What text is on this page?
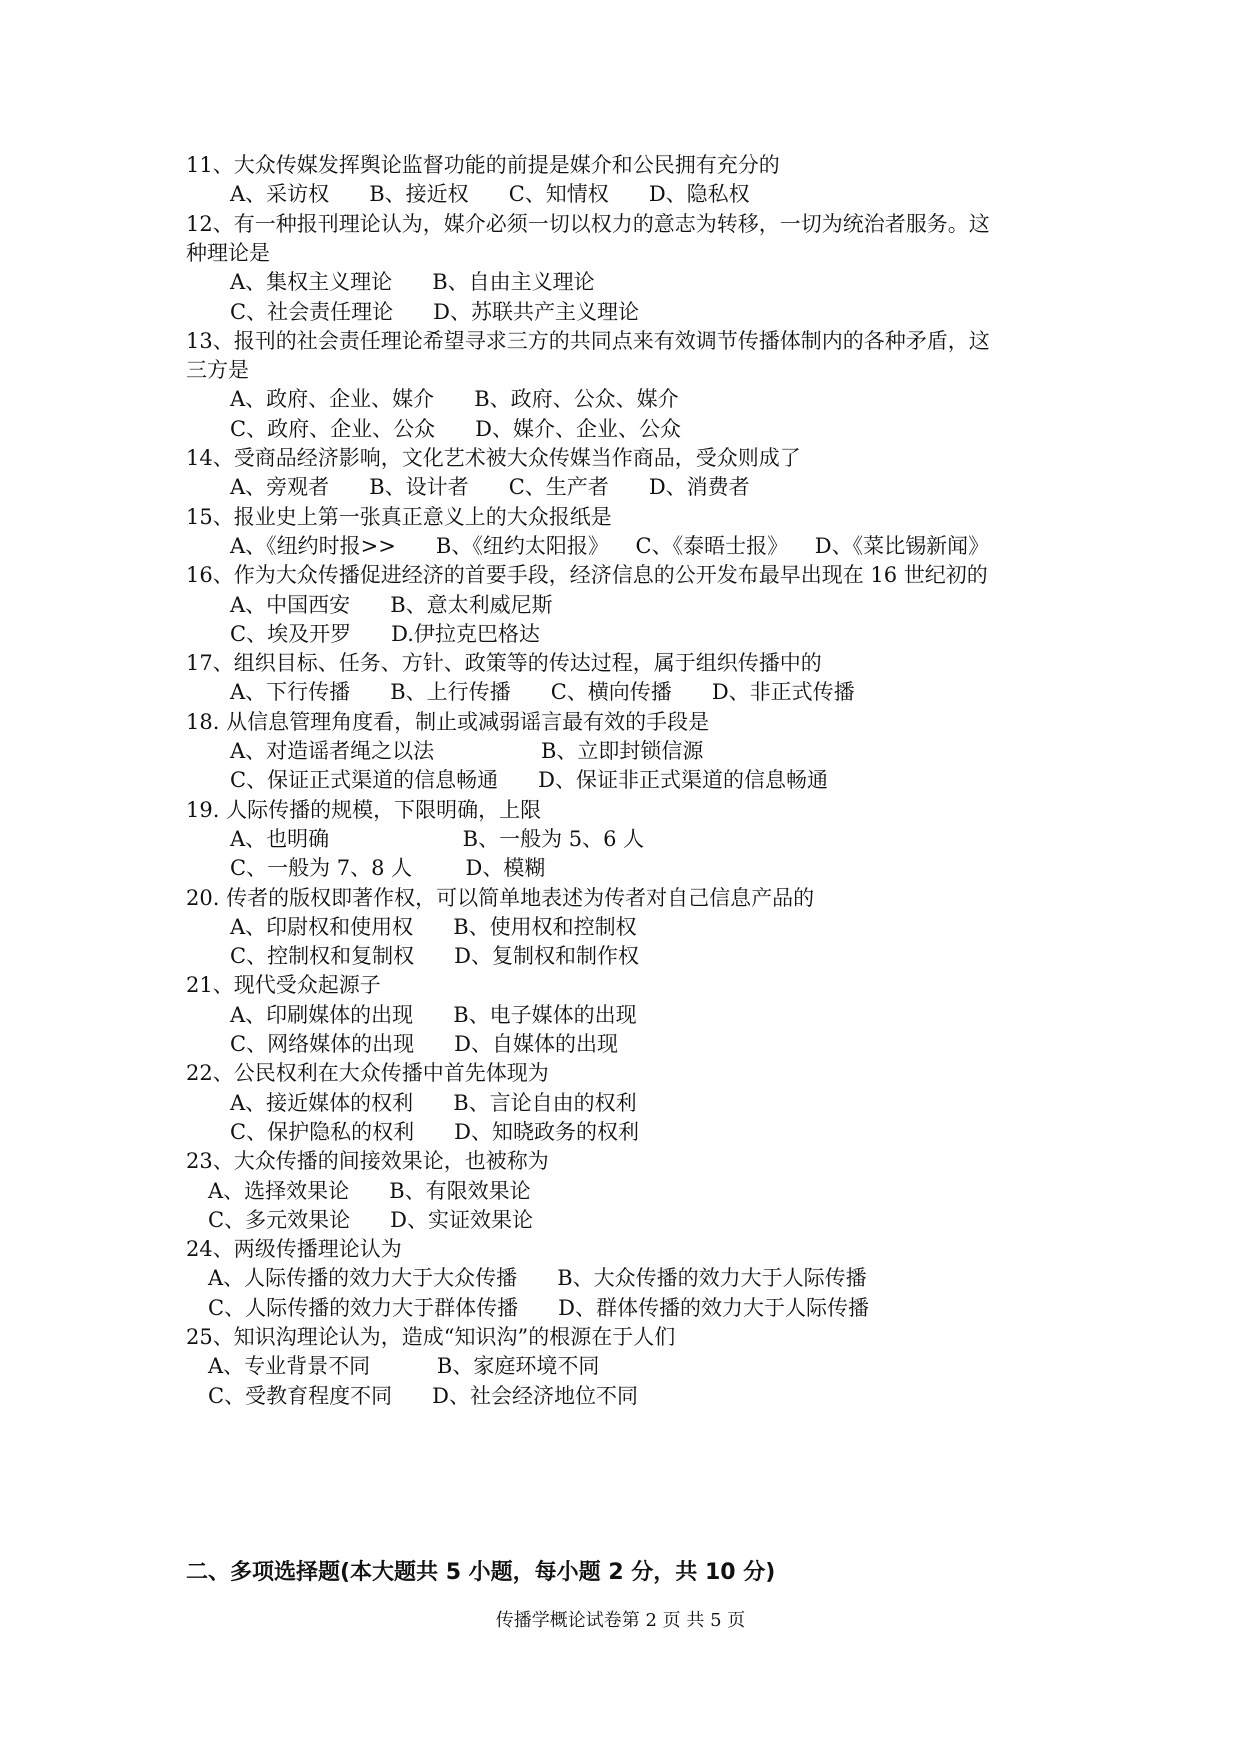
11、大众传媒发挥舆论监督功能的前提是媒介和公民拥有充分的
A、采访权      B、接近权      C、知情权      D、隐私权
12、有一种报刊理论认为，媒介必须一切以权力的意志为转移，一切为统治者服务。这
种理论是
A、集权主义理论      B、自由主义理论
C、社会责任理论      D、苏联共产主义理论
13、报刊的社会责任理论希望寻求三方的共同点来有效调节传播体制内的各种矛盾，这
三方是
A、政府、企业、媒介      B、政府、公众、媒介
C、政府、企业、公众      D、媒介、企业、公众
14、受商品经济影响，文化艺术被大众传媒当作商品，受众则成了
A、旁观者      B、设计者      C、生产者      D、消费者
15、报业史上第一张真正意义上的大众报纸是
A、《纽约时报>>      B、《纽约太阳报》    C、《泰晤士报》    D、《菜比锡新闻》
16、作为大众传播促进经济的首要手段，经济信息的公开发布最早出现在 16 世纪初的
A、中国西安      B、意太利威尼斯
C、埃及开罗      D.伊拉克巴格达
17、组织目标、任务、方针、政策等的传达过程，属于组织传播中的
A、下行传播      B、上行传播      C、横向传播      D、非正式传播
18. 从信息管理角度看，制止或减弱谣言最有效的手段是
A、对造谣者绳之以法                B、立即封锁信源
C、保证正式渠道的信息畅通      D、保证非正式渠道的信息畅通
19. 人际传播的规模，下限明确，上限
A、也明确                    B、一般为 5、6 人
C、一般为 7、8 人        D、模糊
20. 传者的版权即著作权，可以简单地表述为传者对自己信息产品的
A、印尉权和使用权      B、使用权和控制权
C、控制权和复制权      D、复制权和制作权
21、现代受众起源子
A、印刷媒体的出现      B、电子媒体的出现
C、网络媒体的出现      D、自媒体的出现
22、公民权利在大众传播中首先体现为
A、接近媒体的权利      B、言论自由的权利
C、保护隐私的权利      D、知晓政务的权利
23、大众传播的间接效果论，也被称为
A、选择效果论      B、有限效果论
C、多元效果论      D、实证效果论
24、两级传播理论认为
A、人际传播的效力大于大众传播      B、大众传播的效力大于人际传播
C、人际传播的效力大于群体传播      D、群体传播的效力大于人际传播
25、知识沟理论认为，造成“知识沟”的根源在于人们
A、专业背景不同          B、家庭环境不同
C、受教育程度不同      D、社会经济地位不同
二、多项选择题(本大题共 5 小题，每小题 2 分，共 10 分)
传播学概论试卷第 2 页 共 5 页
